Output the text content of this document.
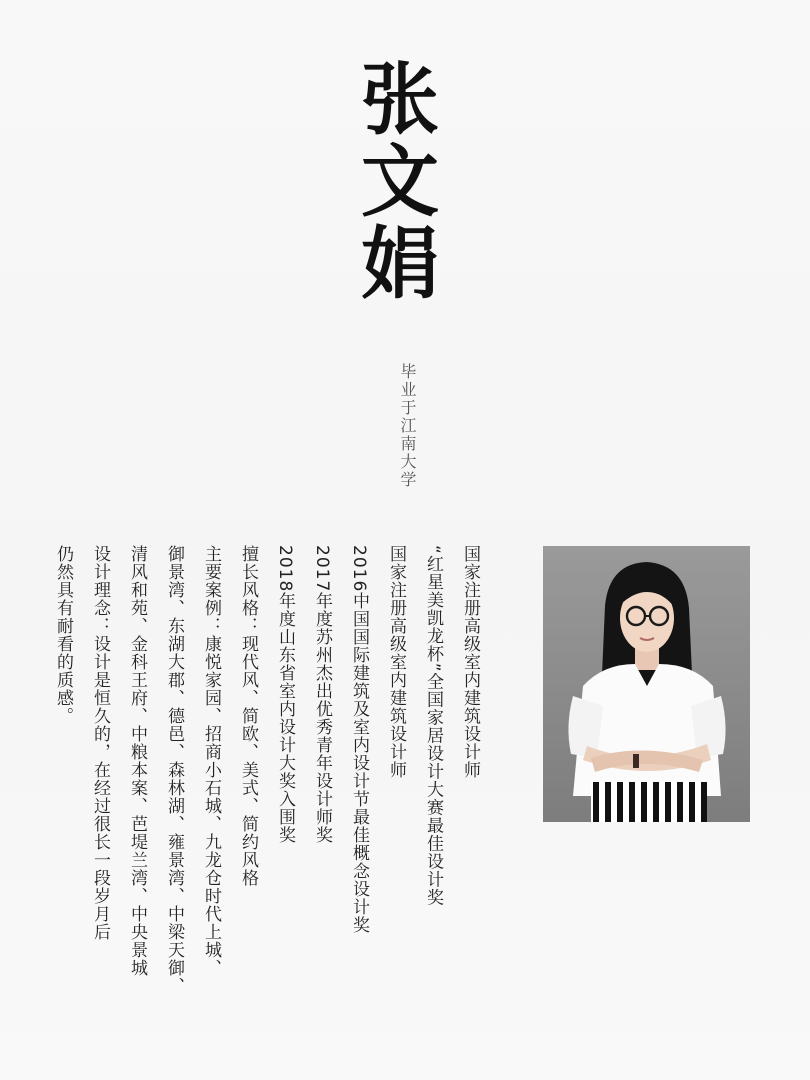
张文娟
毕业于江南大学

国家注册高级室内建筑设计师

“红星美凯龙杯”全国家居设计大赛最佳设计奖

国家注册高级室内建筑设计师

2016中国国际建筑及室内设计节最佳概念设计奖

2017年度苏州杰出优秀青年设计师奖

2018年度山东省室内设计大奖入围奖

擅长风格：现代风、简欧、美式、简约风格

主要案例：康悦家园、招商小石城、九龙仓时代上城、

御景湾、东湖大郡、德邑、森林湖、雍景湾、中梁天御、

清风和苑、金科王府、中粮本案、芭堤兰湾、中央景城

设计理念：设计是恒久的，在经过很长一段岁月后

仍然具有耐看的质感。
